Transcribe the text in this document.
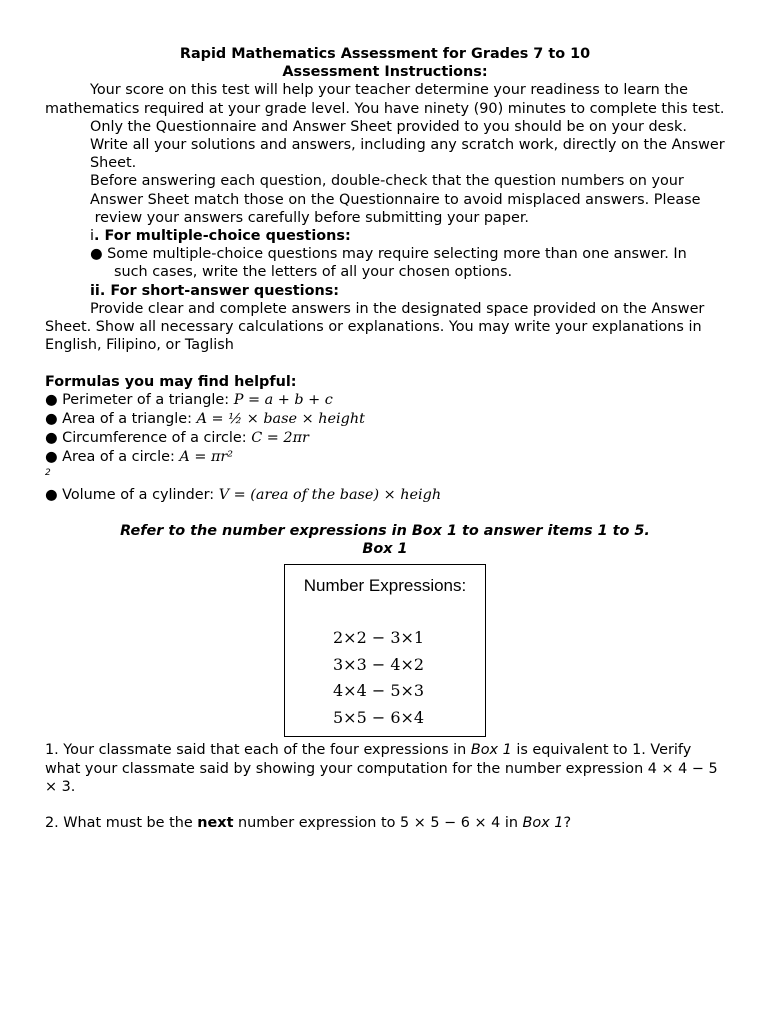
Rapid Mathematics Assessment for Grades 7 to 10
Assessment Instructions:
Your score on this test will help your teacher determine your readiness to learn the mathematics required at your grade level. You have ninety (90) minutes to complete this test.
Only the Questionnaire and Answer Sheet provided to you should be on your desk.
Write all your solutions and answers, including any scratch work, directly on the Answer Sheet.
Before answering each question, double-check that the question numbers on your Answer Sheet match those on the Questionnaire to avoid misplaced answers. Please
review your answers carefully before submitting your paper.
i. For multiple-choice questions:
● Some multiple-choice questions may require selecting more than one answer. In
such cases, write the letters of all your chosen options.
ii. For short-answer questions:
Provide clear and complete answers in the designated space provided on the Answer Sheet. Show all necessary calculations or explanations. You may write your explanations in English, Filipino, or Taglish
Formulas you may find helpful:
● Perimeter of a triangle: P = a + b + c
● Area of a triangle: A = ½ × base × height
● Circumference of a circle: C = 2πr
● Area of a circle: A = πr²
2
● Volume of a cylinder: V = (area of the base) × heigh
Refer to the number expressions in Box 1 to answer items 1 to 5.
Box 1
Number Expressions:
2×2 − 3×1
3×3 − 4×2
4×4 − 5×3
5×5 − 6×4
1. Your classmate said that each of the four expressions in Box 1 is equivalent to 1. Verify what your classmate said by showing your computation for the number expression 4 × 4 − 5 × 3.
2. What must be the next number expression to 5 × 5 − 6 × 4 in Box 1?
